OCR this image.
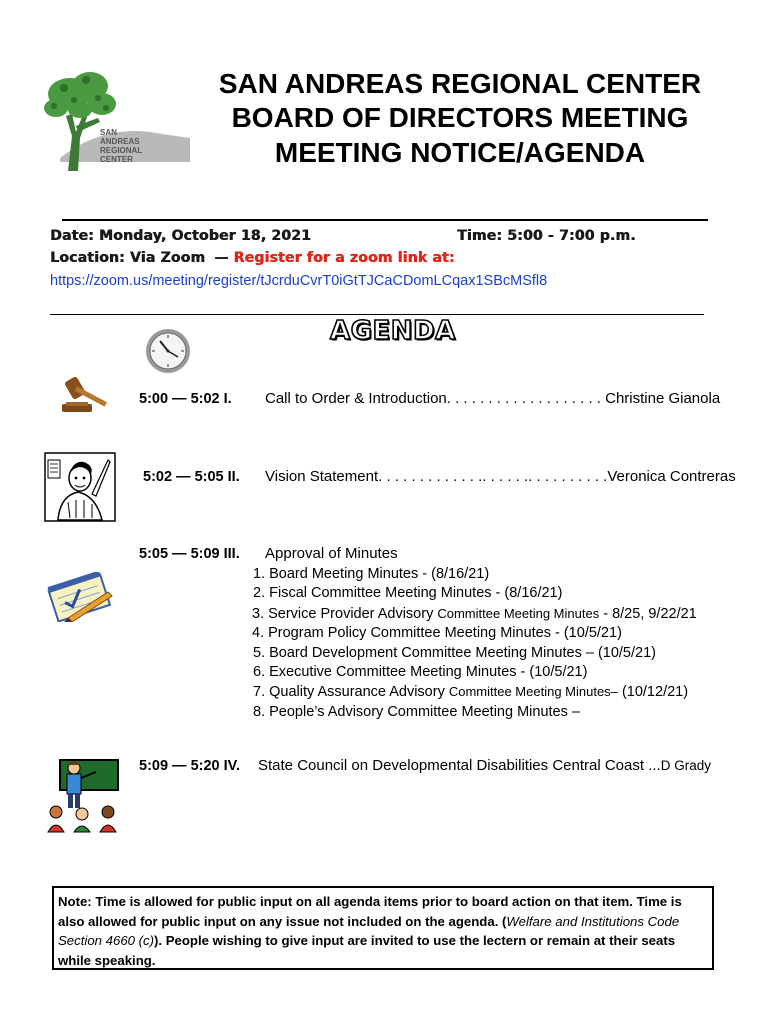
SAN
ANDREAS
REGIONAL
CENTER
SAN ANDREAS REGIONAL CENTER
BOARD OF DIRECTORS MEETING
MEETING NOTICE/AGENDA
Date: Monday, October 18, 2021	Time: 5:00 - 7:00 p.m.
Location: Via Zoom — Register for a zoom link at:
https://zoom.us/meeting/register/tJcrduCvrT0iGtTJCaCDomLCqax1SBcMSfl8
AGENDA
5:00 — 5:02 I. Call to Order & Introduction. . . . . . . . . . . . . . . . . . . Christine Gianola
5:02 — 5:05 II. Vision Statement. . . . . . . . . . . . .. . . . . .. . . . . . . . . .Veronica Contreras
5:05 — 5:09 III. Approval of Minutes
1. Board Meeting Minutes - (8/16/21)
2. Fiscal Committee Meeting Minutes - (8/16/21)
3. Service Provider Advisory Committee Meeting Minutes - 8/25, 9/22/21
4. Program Policy Committee Meeting Minutes - (10/5/21)
5. Board Development Committee Meeting Minutes – (10/5/21)
6. Executive Committee Meeting Minutes - (10/5/21)
7. Quality Assurance Advisory Committee Meeting Minutes– (10/12/21)
8. People’s Advisory Committee Meeting Minutes –
5:09 — 5:20 IV. State Council on Developmental Disabilities Central Coast ...D Grady
Note: Time is allowed for public input on all agenda items prior to board action on that item. Time is also allowed for public input on any issue not included on the agenda. (Welfare and Institutions Code Section 4660 (c)). People wishing to give input are invited to use the lectern or remain at their seats while speaking.
